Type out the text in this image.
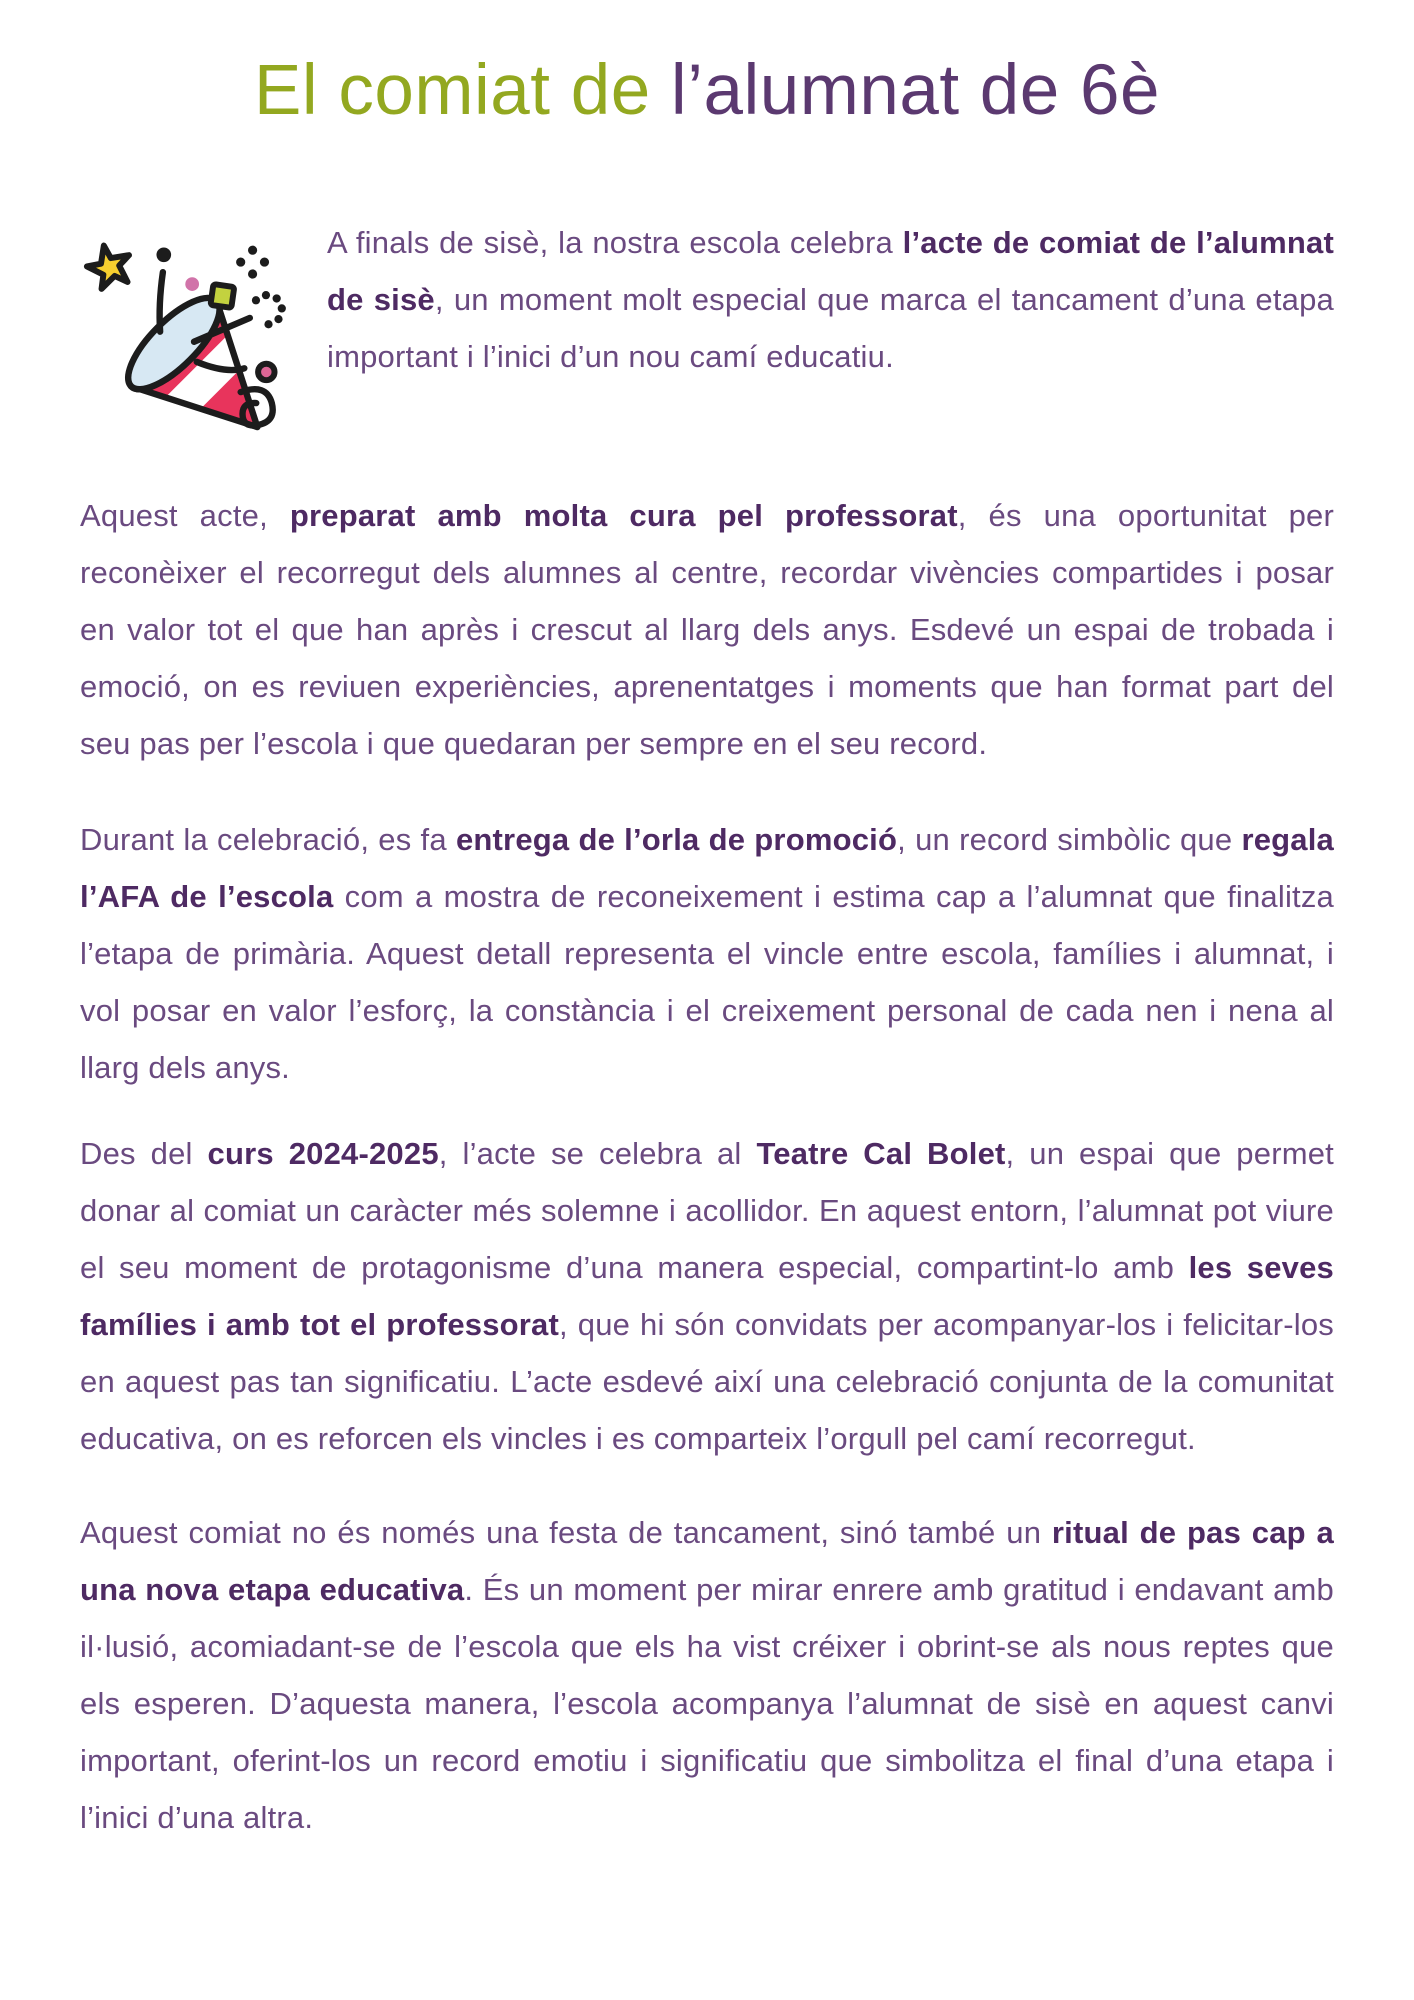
El comiat de l’alumnat de 6è

A finals de sisè, la nostra escola celebra l’acte de comiat de l’alumnat de sisè, un moment molt especial que marca el tancament d’una etapa important i l’inici d’un nou camí educatiu.

Aquest acte, preparat amb molta cura pel professorat, és una oportunitat per reconèixer el recorregut dels alumnes al centre, recordar vivències compartides i posar en valor tot el que han après i crescut al llarg dels anys. Esdevé un espai de trobada i emoció, on es reviuen experiències, aprenentatges i moments que han format part del seu pas per l’escola i que quedaran per sempre en el seu record.

Durant la celebració, es fa entrega de l’orla de promoció, un record simbòlic que regala l’AFA de l’escola com a mostra de reconeixement i estima cap a l’alumnat que finalitza l’etapa de primària. Aquest detall representa el vincle entre escola, famílies i alumnat, i vol posar en valor l’esforç, la constància i el creixement personal de cada nen i nena al llarg dels anys.

Des del curs 2024-2025, l’acte se celebra al Teatre Cal Bolet, un espai que permet donar al comiat un caràcter més solemne i acollidor. En aquest entorn, l’alumnat pot viure el seu moment de protagonisme d’una manera especial, compartint-lo amb les seves famílies i amb tot el professorat, que hi són convidats per acompanyar-los i felicitar-los en aquest pas tan significatiu. L’acte esdevé així una celebració conjunta de la comunitat educativa, on es reforcen els vincles i es comparteix l’orgull pel camí recorregut.

Aquest comiat no és només una festa de tancament, sinó també un ritual de pas cap a una nova etapa educativa. És un moment per mirar enrere amb gratitud i endavant amb il·lusió, acomiadant-se de l’escola que els ha vist créixer i obrint-se als nous reptes que els esperen. D’aquesta manera, l’escola acompanya l’alumnat de sisè en aquest canvi important, oferint-los un record emotiu i significatiu que simbolitza el final d’una etapa i l’inici d’una altra.
